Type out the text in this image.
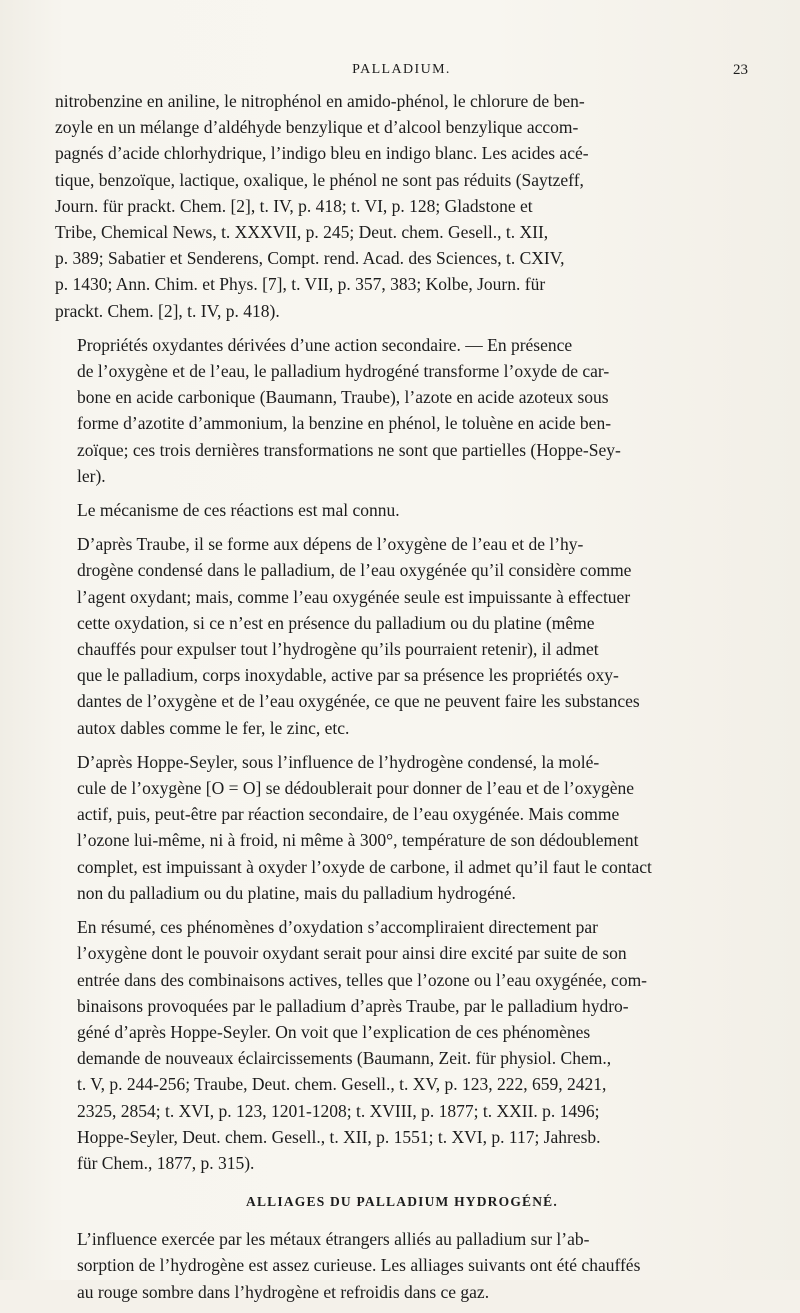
PALLADIUM.	23

nitrobenzine en aniline, le nitrophénol en amido-phénol, le chlorure de ben-
zoyle en un mélange d’aldéhyde benzylique et d’alcool benzylique accom-
pagnés d’acide chlorhydrique, l’indigo bleu en indigo blanc. Les acides acé-
tique, benzoïque, lactique, oxalique, le phénol ne sont pas réduits (Saytzeff,
Journ. für prackt. Chem. [2], t. IV, p. 418; t. VI, p. 128; Gladstone et
Tribe, Chemical News, t. XXXVII, p. 245; Deut. chem. Gesell., t. XII,
p. 389; Sabatier et Senderens, Compt. rend. Acad. des Sciences, t. CXIV,
p. 1430; Ann. Chim. et Phys. [7], t. VII, p. 357, 383; Kolbe, Journ. für
prackt. Chem. [2], t. IV, p. 418).

Propriétés oxydantes dérivées d’une action secondaire. — En présence
de l’oxygène et de l’eau, le palladium hydrogéné transforme l’oxyde de car-
bone en acide carbonique (Baumann, Traube), l’azote en acide azoteux sous
forme d’azotite d’ammonium, la benzine en phénol, le toluène en acide ben-
zoïque; ces trois dernières transformations ne sont que partielles (Hoppe-Sey-
ler).

Le mécanisme de ces réactions est mal connu.

D’après Traube, il se forme aux dépens de l’oxygène de l’eau et de l’hy-
drogène condensé dans le palladium, de l’eau oxygénée qu’il considère comme
l’agent oxydant; mais, comme l’eau oxygénée seule est impuissante à effectuer
cette oxydation, si ce n’est en présence du palladium ou du platine (même
chauffés pour expulser tout l’hydrogène qu’ils pourraient retenir), il admet
que le palladium, corps inoxydable, active par sa présence les propriétés oxy-
dantes de l’oxygène et de l’eau oxygénée, ce que ne peuvent faire les substances
autox dables comme le fer, le zinc, etc.

D’après Hoppe-Seyler, sous l’influence de l’hydrogène condensé, la molé-
cule de l’oxygène [O = O] se dédoublerait pour donner de l’eau et de l’oxygène
actif, puis, peut-être par réaction secondaire, de l’eau oxygénée. Mais comme
l’ozone lui-même, ni à froid, ni même à 300°, température de son dédoublement
complet, est impuissant à oxyder l’oxyde de carbone, il admet qu’il faut le contact
non du palladium ou du platine, mais du palladium hydrogéné.

En résumé, ces phénomènes d’oxydation s’accompliraient directement par
l’oxygène dont le pouvoir oxydant serait pour ainsi dire excité par suite de son
entrée dans des combinaisons actives, telles que l’ozone ou l’eau oxygénée, com-
binaisons provoquées par le palladium d’après Traube, par le palladium hydro-
géné d’après Hoppe-Seyler. On voit que l’explication de ces phénomènes
demande de nouveaux éclaircissements (Baumann, Zeit. für physiol. Chem.,
t. V, p. 244-256; Traube, Deut. chem. Gesell., t. XV, p. 123, 222, 659, 2421,
2325, 2854; t. XVI, p. 123, 1201-1208; t. XVIII, p. 1877; t. XXII. p. 1496;
Hoppe-Seyler, Deut. chem. Gesell., t. XII, p. 1551; t. XVI, p. 117; Jahresb.
für Chem., 1877, p. 315).

ALLIAGES DU PALLADIUM HYDROGÉNÉ.

L’influence exercée par les métaux étrangers alliés au palladium sur l’ab-
sorption de l’hydrogène est assez curieuse. Les alliages suivants ont été chauffés
au rouge sombre dans l’hydrogène et refroidis dans ce gaz.
